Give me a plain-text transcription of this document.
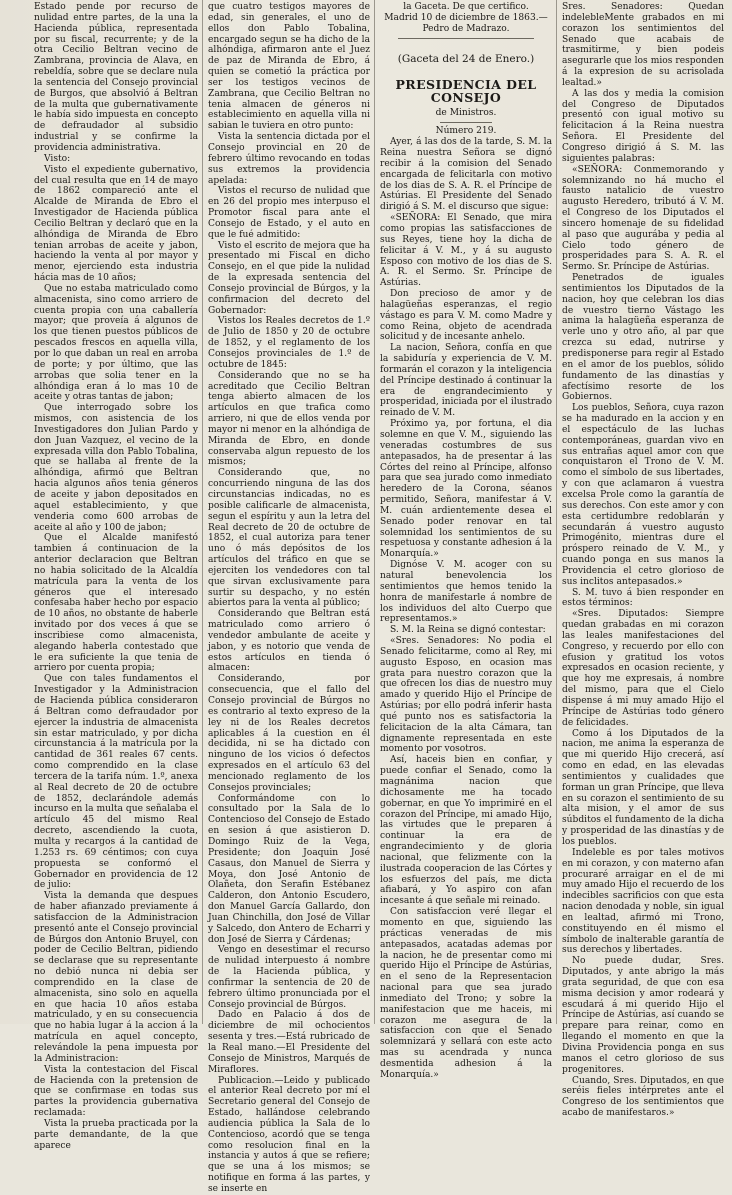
Estado pende por recurso de nulidad entre partes, de la una la Hacienda pública, representada por su fiscal, recurrente; y de la otra Cecilio Beltran vecino de Zambrana, provincia de Alava, en rebeldía, sobre que se declare nula la sentencia del Consejo provincial de Burgos, que absolvió á Beltran de la multa que gubernativamente le había sido impuesta en concepto de defraudador al subsidio industrial y se confirme la providencia administrativa.

Visto:

Visto el expediente gubernativo, del cual resulta que en 14 de mayo de 1862 compareció ante el Alcalde de Miranda de Ebro el Investigador de Hacienda pública Cecilio Beltran y declaró que en la alhóndiga de Miranda de Ebro tenian arrobas de aceite y jabon, haciendo la venta al por mayor y menor, ejerciendo esta industria hácia mas de 10 años;

Que no estaba matriculado como almacenista, sino como arriero de cuenta propia con una caballería mayor; que proveía á algunos de los que tienen puestos públicos de pescados frescos en aquella villa, por lo que daban un real en arroba de porte; y por último, que las arrobas que solia tener en la alhóndiga eran á lo mas 10 de aceite y otras tantas de jabon;

Que interrogado sobre los mismos, con asistencia de los Investigadores don Julian Pardo y don Juan Vazquez, el vecino de la expresada villa don Pablo Tobalina, que se hallaba al frente de la alhóndiga, afirmó que Beltran hacia algunos años tenia géneros de aceite y jabon depositados en aquel establecimiento, y que venderia como 600 arrobas de aceite al año y 100 de jabon;

Que el Alcalde manifestó tambien á continuacion de la anterior declaracion que Beltran no habia solicitado de la Alcaldía matrícula para la venta de los géneros que el interesado confesaba haber hecho por espacio de 10 años, no obstante de haberle invitado por dos veces á que se inscribiese como almacenista, alegando haberla contestado que le era suficiente la que tenia de arriero por cuenta propia;

Que con tales fundamentos el Investigador y la Administracion de Hacienda pública consideraron á Beltran como defraudador por ejercer la industria de almacenista sin estar matriculado, y por dicha circunstancia á la matrícula por la cantidad de 361 reales 67 cents. como comprendido en la clase tercera de la tarifa núm. 1.º, anexa al Real decreto de 20 de octubre de 1852, declarándole además incurso en la multa que señalaba el artículo 45 del mismo Real decreto, ascendiendo la cuota, multa y recargos á la cantidad de 1.253 rs. 69 céntimos; con cuya propuesta se conformó el Gobernador en providencia de 12 de julio:

Vista la demanda que despues de haber afianzado previamente á satisfaccion de la Administracion presentó ante el Consejo provincial de Búrgos don Antonio Bruyel, con poder de Cecilio Beltran, pidiendo se declarase que su representante no debió nunca ni debia ser comprendido en la clase de almacenista, sino solo en aquella en que hacia 10 años estaba matriculado, y en su consecuencia que no habia lugar á la accion á la matrícula en aquel concepto, relevándole la pena impuesta por la Administracion:

Vista la contestacion del Fiscal de Hacienda con la pretension de que se confirmase en todas sus partes la providencia gubernativa reclamada:

Vista la prueba practicada por la parte demandante, de la que aparece

que cuatro testigos mayores de edad, sin generales, el uno de ellos don Pablo Tobalina, encargado segun se ha dicho de la alhóndiga, afirmaron ante el Juez de paz de Miranda de Ebro, á quien se cometió la práctica por ser los testigos vecinos de Zambrana, que Cecilio Beltran no tenia almacen de géneros ni establecimiento en aquella villa ni sabian le tuviera en otro punto:

Vista la sentencia dictada por el Consejo provincial en 20 de febrero último revocando en todas sus extremos la providencia apelada:

Vistos el recurso de nulidad que en 26 del propio mes interpuso el Promotor fiscal para ante el Consejo de Estado, y el auto en que le fué admitido:

Visto el escrito de mejora que ha presentado mi Fiscal en dicho Consejo, en el que pide la nulidad de la expresada sentencia del Consejo provincial de Búrgos, y la confirmacion del decreto del Gobernador:

Vistos los Reales decretos de 1.º de Julio de 1850 y 20 de octubre de 1852, y el reglamento de los Consejos provinciales de 1.º de octubre de 1845:

Considerando que no se ha acreditado que Cecilio Beltran tenga abierto almacen de los artículos en que trafica como arriero, ni que de ellos venda por mayor ni menor en la alhóndiga de Miranda de Ebro, en donde conservaba algun repuesto de los mismos;

Considerando que, no concurriendo ninguna de las dos circunstancias indicadas, no es posible calificarle de almacenista, segun el espíritu y aun la letra del Real decreto de 20 de octubre de 1852, el cual autoriza para tener uno ó más depósitos de los artículos del tráfico en que se ejerciten los vendedores con tal que sirvan exclusivamente para surtir su despacho, y no estén abiertos para la venta al público;

Considerando que Beltran está matriculado como arriero ó vendedor ambulante de aceite y jabon, y es notorio que venda de estos artículos en tienda ó almacen:

Considerando, por consecuencia, que el fallo del Consejo provincial de Búrgos no es contrario al texto expreso de la ley ni de los Reales decretos aplicables á la cuestion en él decidida, ni se ha dictado con ninguno de los vicios ó defectos expresados en el artículo 63 del mencionado reglamento de los Consejos provinciales;

Conformándome con lo consultado por la Sala de lo Contencioso del Consejo de Estado en sesion á que asistieron D. Domingo Ruiz de la Vega, Presidente; don Joaquin José Casaus, don Manuel de Sierra y Moya, don José Antonio de Olañeta, don Serafin Estébanez Calderon, don Antonio Escudero, don Manuel García Gallardo, don Juan Chinchilla, don José de Villar y Salcedo, don Antero de Echarri y don José de Sierra y Cárdenas;

Vengo en desestimar el recurso de nulidad interpuesto á nombre de la Hacienda pública, y confirmar la sentencia de 20 de febrero último pronunciada por el Consejo provincial de Búrgos.

Dado en Palacio á dos de diciembre de mil ochocientos sesenta y tres.—Está rubricado de la Real mano.—El Presidente del Consejo de Ministros, Marqués de Miraflores.

Publicacion.—Leido y publicado el anterior Real decreto por mí el Secretario general del Consejo de Estado, hallándose celebrando audiencia pública la Sala de lo Contencioso, acordó que se tenga como resolucion final en la instancia y autos á que se refiere; que se una á los mismos; se notifique en forma á las partes, y se inserte en

la Gaceta. De que certifico.

Madrid 10 de diciembre de 1863.—Pedro de Madrazo.

(Gaceta del 24 de Enero.)
PRESIDENCIA DEL CONSEJO

de Ministros.

Número 219.

Ayer, á las dos de la tarde, S. M. la Reina nuestra Señora se dignó recibir á la comision del Senado encargada de felicitarla con motivo de los dias de S. A. R. el Príncipe de Astúrias. El Presidente del Senado dirigió á S. M. el discurso que sigue:

«SEÑORA: El Senado, que mira como propias las satisfacciones de sus Reyes, tiene hoy la dicha de felicitar á V. M., y á su augusto Esposo con motivo de los dias de S. A. R. el Sermo. Sr. Príncipe de Astúrias.

Don precioso de amor y de halagüeñas esperanzas, el regio vástago es para V. M. como Madre y como Reina, objeto de acendrada solicitud y de incesante anhelo.

La nacion, Señora, confía en que la sabiduría y experiencia de V. M. formarán el corazon y la inteligencia del Príncipe destinado á continuar la era de engrandecimiento y prosperidad, iniciada por el ilustrado reinado de V. M.

Próximo ya, por fortuna, el dia solemne en que V. M., siguiendo las veneradas costumbres de sus antepasados, ha de presentar á las Córtes del reino al Príncipe, alfonso para que sea jurado como inmediato heredero de la Corona, séanos permitido, Señora, manifestar á V. M. cuán ardientemente desea el Senado poder renovar en tal solemnidad los sentimientos de su respetuosa y constante adhesion á la Monarquía.»

Dignóse V. M. acoger con su natural benevolencia los sentimientos que hemos tenido la honra de manifestarle á nombre de los individuos del alto Cuerpo que representamos.»

S. M. la Reina se dignó contestar:

«Sres. Senadores: No podia el Senado felicitarme, como al Rey, mi augusto Esposo, en ocasion mas grata para nuestro corazon que la que ofrecen los dias de nuestro muy amado y querido Hijo el Príncipe de Astúrias; por ello podrá inferir hasta qué punto nos es satisfactoria la felicitacion de la alta Cámara, tan dignamente representada en este momento por vosotros.

Así, haceis bien en confiar, y puede confiar el Senado, como la magnánima nacion que dichosamente me ha tocado gobernar, en que Yo imprimiré en el corazon del Príncipe, mi amado Hijo, las virtudes que le preparen á continuar la era de engrandecimiento y de gloria nacional, que felizmente con la ilustrada cooperacion de las Córtes y los esfuerzos del país, me dicta afiabará, y Yo aspiro con afan incesante á que señale mi reinado.

Con satisfaccion veré llegar el momento en que, siguiendo las prácticas veneradas de mis antepasados, acatadas ademas por la nacion, he de presentar como mi querido Hijo el Príncipe de Astúrias, en el seno de la Representacion nacional para que sea jurado inmediato del Trono; y sobre la manifestacion que me haceis, mi corazon me asegura de la satisfaccion con que el Senado solemnizará y sellará con este acto mas su acendrada y nunca desmentida adhesion á la Monarquía.»

Sres. Senadores: Quedan indelebleMente grabados en mi corazon los sentimientos del Senado que acabais de trasmitirme, y bien podeis asegurarle que los mios responden á la expresion de su acrisolada lealtad.»

A las dos y media la comision del Congreso de Diputados presentó con igual motivo su felicitacion á la Reina nuestra Señora. El Presidente del Congreso dirigió á S. M. las siguientes palabras:

«SEÑORA: Conmemorando y solemnizando no há mucho el fausto natalicio de vuestro augusto Heredero, tributó á V. M. el Congreso de los Diputados el sincero homenaje de su fidelidad al paso que augurába y pedia al Cielo todo género de prosperidades para S. A. R. el Sermo. Sr. Príncipe de Astúrias.

Penetrados de iguales sentimientos los Diputados de la nacion, hoy que celebran los dias de vuestro tierno Vástago les anima la halagüeña esperanza de verle uno y otro año, al par que crezca su edad, nutrirse y predisponerse para regir al Estado en el amor de los pueblos, sólido fundamento de las dinastías y afectísimo resorte de los Gobiernos.

Los pueblos, Señora, cuya razon se ha madurado en la accion y en el espectáculo de las luchas contemporáneas, guardan vivo en sus entrañas aquel amor con que conquistaron el Trono de V. M. como el símbolo de sus libertades, y con que aclamaron á vuestra excelsa Prole como la garantía de sus derechos. Con este amor y con esta certidumbre redoblarán y secundarán á vuestro augusto Primogénito, mientras dure el próspero reinado de V. M., y cuando ponga en sus manos la Providencia el cetro glorioso de sus inclitos antepasados.»

S. M. tuvo á bien responder en estos términos:

«Sres. Diputados: Siempre quedan grabadas en mi corazon las leales manifestaciones del Congreso, y recuerdo por ello con efusion y gratitud los votos expresados en ocasion reciente, y que hoy me expresais, á nombre del mismo, para que el Cielo dispense á mi muy amado Hijo el Príncipe de Astúrias todo género de felicidades.

Como á los Diputados de la nacion, me anima la esperanza de que mi querido Hijo crecerá, así como en edad, en las elevadas sentimientos y cualidades que forman un gran Príncipe, que lleva en su corazon el sentimiento de su alta mision, y el amor de sus súbditos el fundamento de la dicha y prosperidad de las dinastías y de los pueblos.

Indeleble es por tales motivos en mi corazon, y con materno afan procuraré arraigar en el de mi muy amado Hijo el recuerdo de los indecibles sacrificios con que esta nacion denodada y noble, sin igual en lealtad, afirmó mi Trono, constituyendo en él mismo el símbolo de inalterable garantía de sus derechos y libertades.

No puede dudar, Sres. Diputados, y ante abrigo la más grata seguridad, de que con esa misma decision y amor rodeará y escudará á mi querido Hijo el Príncipe de Astúrias, así cuando se prepare para reinar, como en llegando el momento en que la Divina Providencia ponga en sus manos el cetro glorioso de sus progenitores.

Cuando, Sres. Diputados, en que seréis fieles intérpretes ante el Congreso de los sentimientos que acabo de manifestaros.»
